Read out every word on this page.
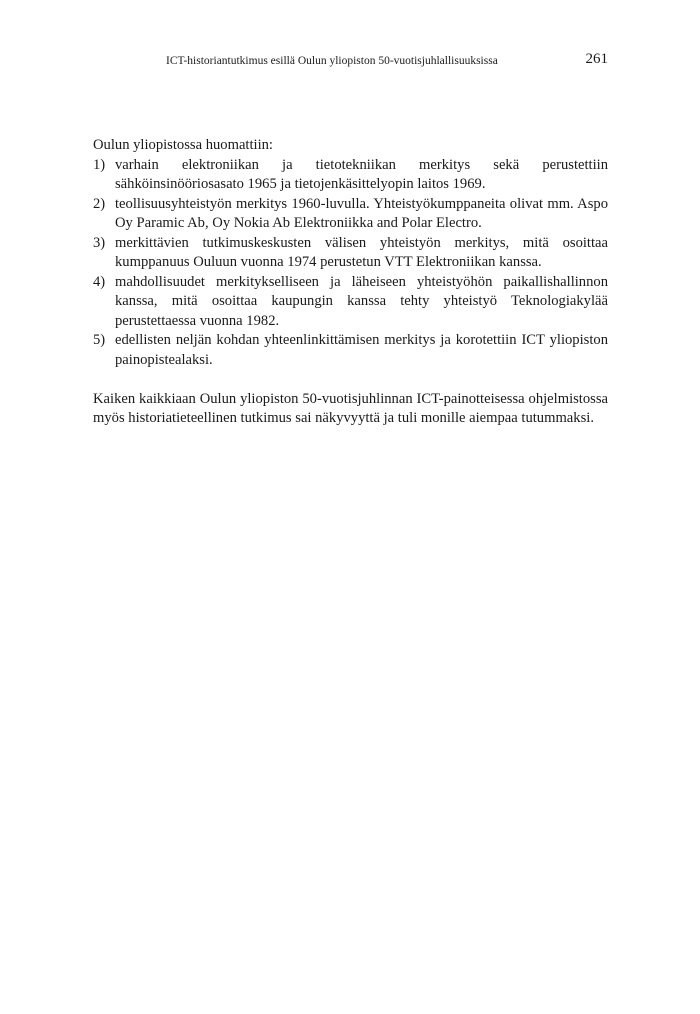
ICT-historiantutkimus esillä Oulun yliopiston 50-vuotisjuhlallisuuksissa	261

Oulun yliopistossa huomattiin:

1) varhain elektroniikan ja tietotekniikan merkitys sekä perustettiin sähköinsinööriosasato 1965 ja tietojenkäsittelyopin laitos 1969.
2) teollisuusyhteistyön merkitys 1960-luvulla. Yhteistyökumppaneita olivat mm. Aspo Oy Paramic Ab, Oy Nokia Ab Elektroniikka and Polar Electro.
3) merkittävien tutkimuskeskusten välisen yhteistyön merkitys, mitä osoittaa kumppanuus Ouluun vuonna 1974 perustetun VTT Elektroniikan kanssa.
4) mahdollisuudet merkitykselliseen ja läheiseen yhteistyöhön paikallishallinnon kanssa, mitä osoittaa kaupungin kanssa tehty yhteistyö Teknologiakylää perustettaessa vuonna 1982.
5) edellisten neljän kohdan yhteenlinkittämisen merkitys ja korotettiin ICT yliopiston painopistealaksi.

Kaiken kaikkiaan Oulun yliopiston 50-vuotisjuhlinnan ICT-painotteisessa ohjelmistossa myös historiatieteellinen tutkimus sai näkyvyyttä ja tuli monille aiempaa tutummaksi.
